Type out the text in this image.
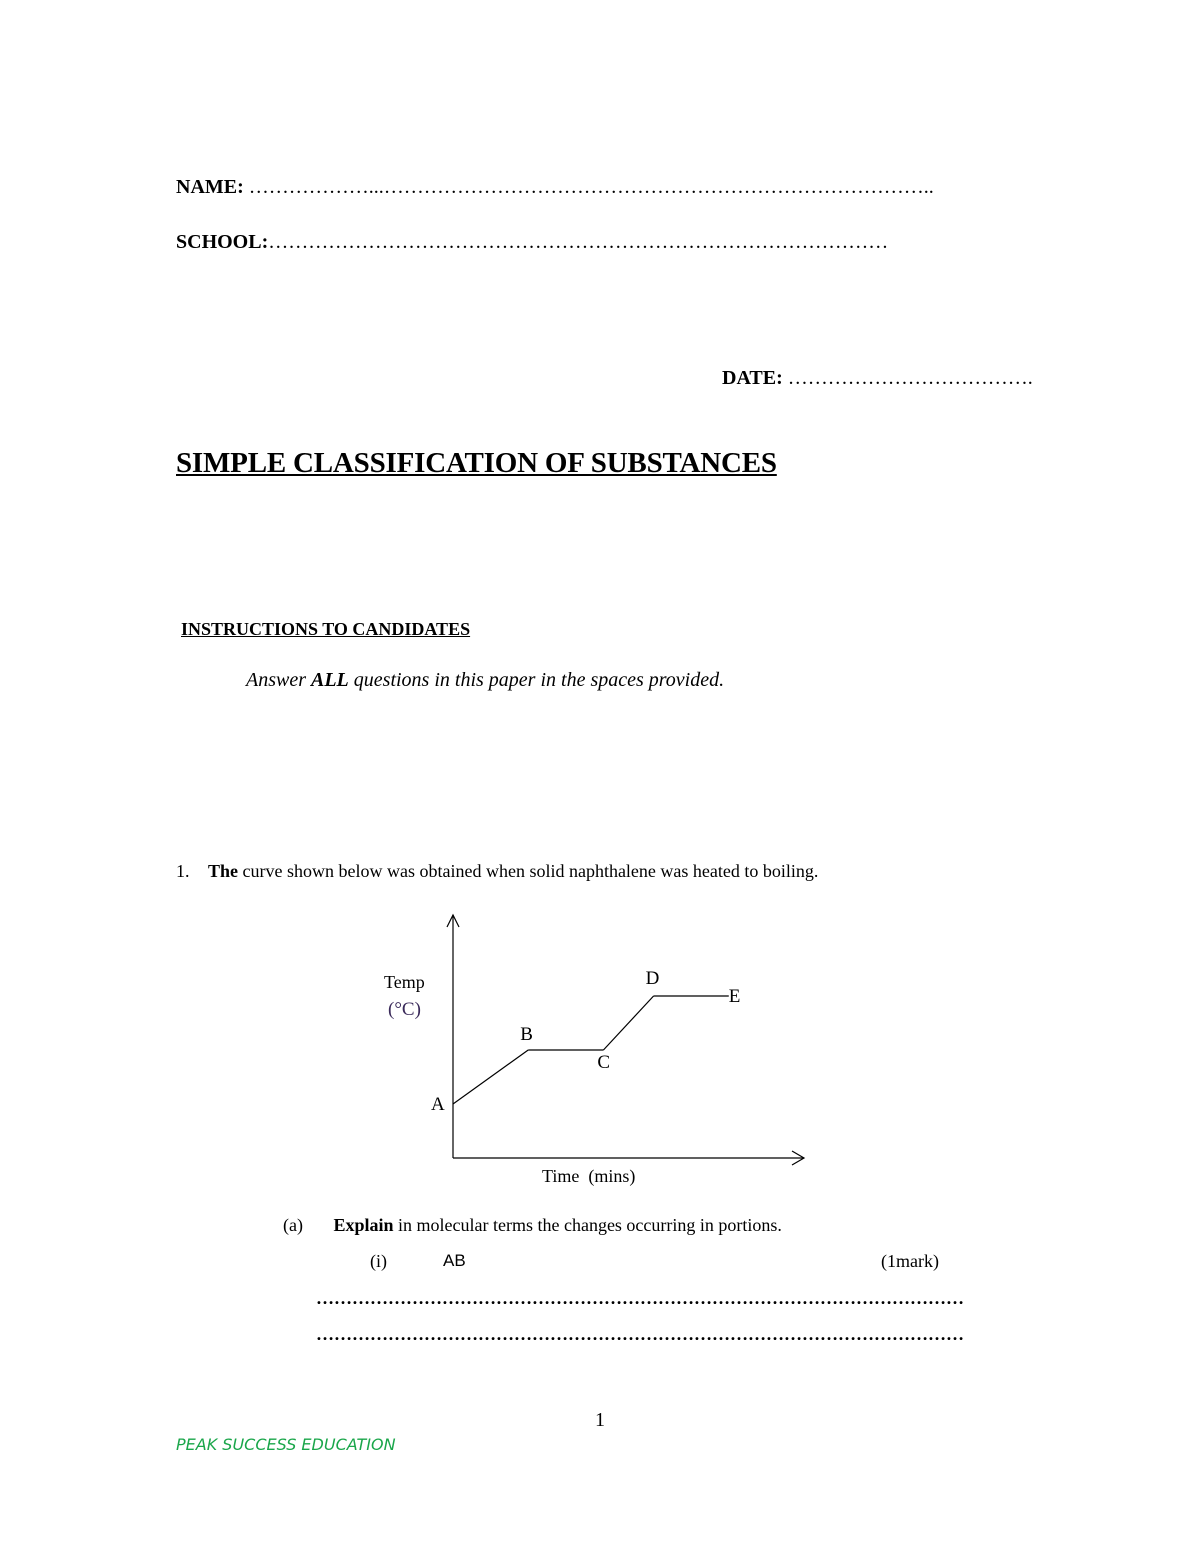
NAME: ………………...………………………………………………………………………..
SCHOOL:…………………………………………………………………………………
DATE: ……………………………….
SIMPLE CLASSIFICATION OF SUBSTANCES
INSTRUCTIONS TO CANDIDATES
Answer ALL questions in this paper in the spaces provided.
1. The curve shown below was obtained when solid naphthalene was heated to boiling.
A
B
C
D
E
Temp
(°C)
Time  (mins)
(a) Explain in molecular terms the changes occurring in portions.
(i)	AB	(1mark)
………………………………………………………………………………………………
………………………………………………………………………………………………
1
PEAK SUCCESS EDUCATION
